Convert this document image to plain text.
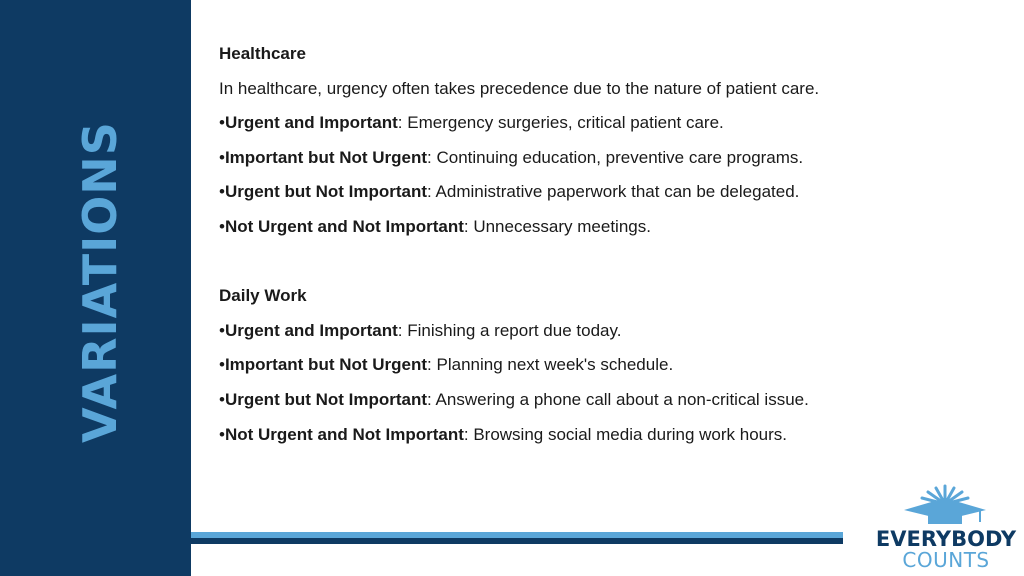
VARIATIONS
Healthcare
In healthcare, urgency often takes precedence due to the nature of patient care.
•Urgent and Important: Emergency surgeries, critical patient care.
•Important but Not Urgent: Continuing education, preventive care programs.
•Urgent but Not Important: Administrative paperwork that can be delegated.
•Not Urgent and Not Important: Unnecessary meetings.
Daily Work
•Urgent and Important: Finishing a report due today.
•Important but Not Urgent: Planning next week's schedule.
•Urgent but Not Important: Answering a phone call about a non-critical issue.
•Not Urgent and Not Important: Browsing social media during work hours.
EVERYBODY
COUNTS
